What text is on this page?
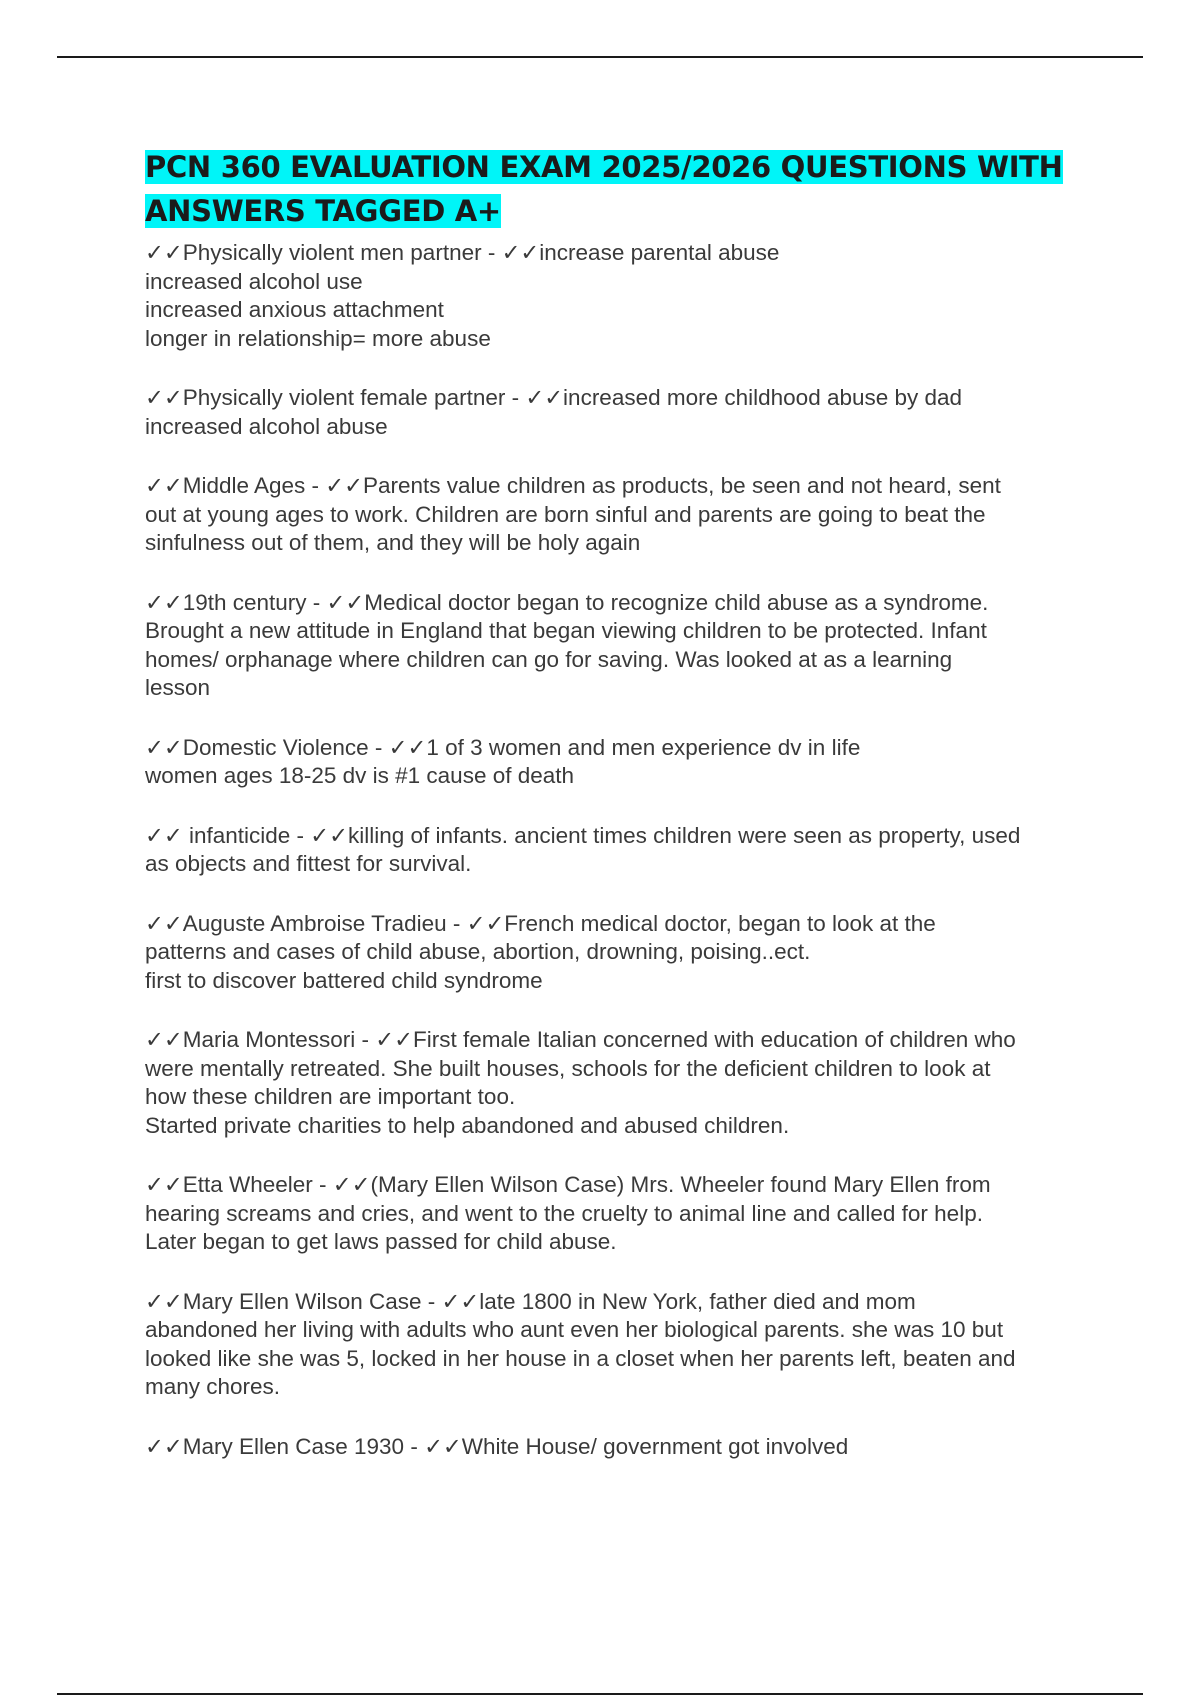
PCN 360 EVALUATION EXAM 2025/2026 QUESTIONS WITH ANSWERS TAGGED A+
✓✓Physically violent men partner - ✓✓increase parental abuse
increased alcohol use
increased anxious attachment
longer in relationship= more abuse
✓✓Physically violent female partner - ✓✓increased more childhood abuse by dad
increased alcohol abuse
✓✓Middle Ages - ✓✓Parents value children as products, be seen and not heard, sent
out at young ages to work. Children are born sinful and parents are going to beat the
sinfulness out of them, and they will be holy again
✓✓19th century - ✓✓Medical doctor began to recognize child abuse as a syndrome.
Brought a new attitude in England that began viewing children to be protected. Infant
homes/ orphanage where children can go for saving. Was looked at as a learning
lesson
✓✓Domestic Violence - ✓✓1 of 3 women and men experience dv in life
women ages 18-25 dv is #1 cause of death
✓✓ infanticide - ✓✓killing of infants. ancient times children were seen as property, used
as objects and fittest for survival.
✓✓Auguste Ambroise Tradieu - ✓✓French medical doctor, began to look at the
patterns and cases of child abuse, abortion, drowning, poising..ect.
first to discover battered child syndrome
✓✓Maria Montessori - ✓✓First female Italian concerned with education of children who
were mentally retreated. She built houses, schools for the deficient children to look at
how these children are important too.
Started private charities to help abandoned and abused children.
✓✓Etta Wheeler - ✓✓(Mary Ellen Wilson Case) Mrs. Wheeler found Mary Ellen from
hearing screams and cries, and went to the cruelty to animal line and called for help.
Later began to get laws passed for child abuse.
✓✓Mary Ellen Wilson Case - ✓✓late 1800 in New York, father died and mom
abandoned her living with adults who aunt even her biological parents. she was 10 but
looked like she was 5, locked in her house in a closet when her parents left, beaten and
many chores.
✓✓Mary Ellen Case 1930 - ✓✓White House/ government got involved
